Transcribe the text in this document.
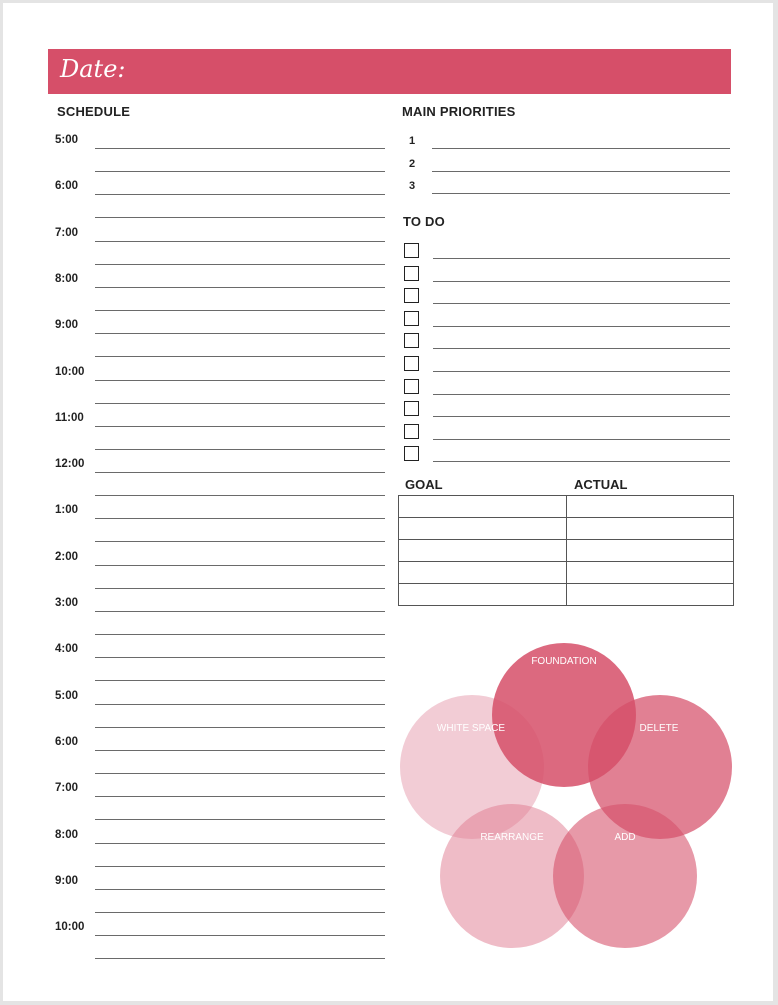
Date:
SCHEDULE
5:00
6:00
7:00
8:00
9:00
10:00
11:00
12:00
1:00
2:00
3:00
4:00
5:00
6:00
7:00
8:00
9:00
10:00
MAIN PRIORITIES
1
2
3
TO DO
GOAL	ACTUAL

FOUNDATION
WHITE SPACE	DELETE
REARRANGE	ADD
